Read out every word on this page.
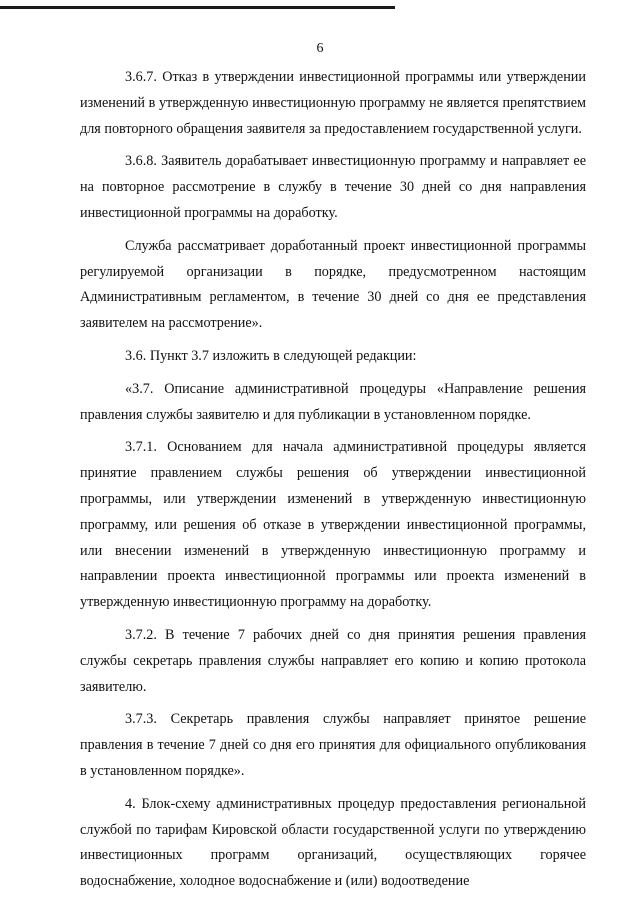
6

3.6.7. Отказ в утверждении инвестиционной программы или утверждении изменений в утвержденную инвестиционную программу не является препятствием для повторного обращения заявителя за предоставлением государственной услуги.

3.6.8. Заявитель дорабатывает инвестиционную программу и направляет ее на повторное рассмотрение в службу в течение 30 дней со дня направления инвестиционной программы на доработку.

Служба рассматривает доработанный проект инвестиционной программы регулируемой организации в порядке, предусмотренном настоящим Административным регламентом, в течение 30 дней со дня ее представления заявителем на рассмотрение».

3.6. Пункт 3.7 изложить в следующей редакции:

«3.7. Описание административной процедуры «Направление решения правления службы заявителю и для публикации в установленном порядке.

3.7.1. Основанием для начала административной процедуры является принятие правлением службы решения об утверждении инвестиционной программы, или утверждении изменений в утвержденную инвестиционную программу, или решения об отказе в утверждении инвестиционной программы, или внесении изменений в утвержденную инвестиционную программу и направлении проекта инвестиционной программы или проекта изменений в утвержденную инвестиционную программу на доработку.

3.7.2. В течение 7 рабочих дней со дня принятия решения правления службы секретарь правления службы направляет его копию и копию протокола заявителю.

3.7.3. Секретарь правления службы направляет принятое решение правления в течение 7 дней со дня его принятия для официального опубликования в установленном порядке».

4. Блок-схему административных процедур предоставления региональной службой по тарифам Кировской области государственной услуги по утверждению инвестиционных программ организаций, осуществляющих горячее водоснабжение, холодное водоснабжение и (или) водоотведение
